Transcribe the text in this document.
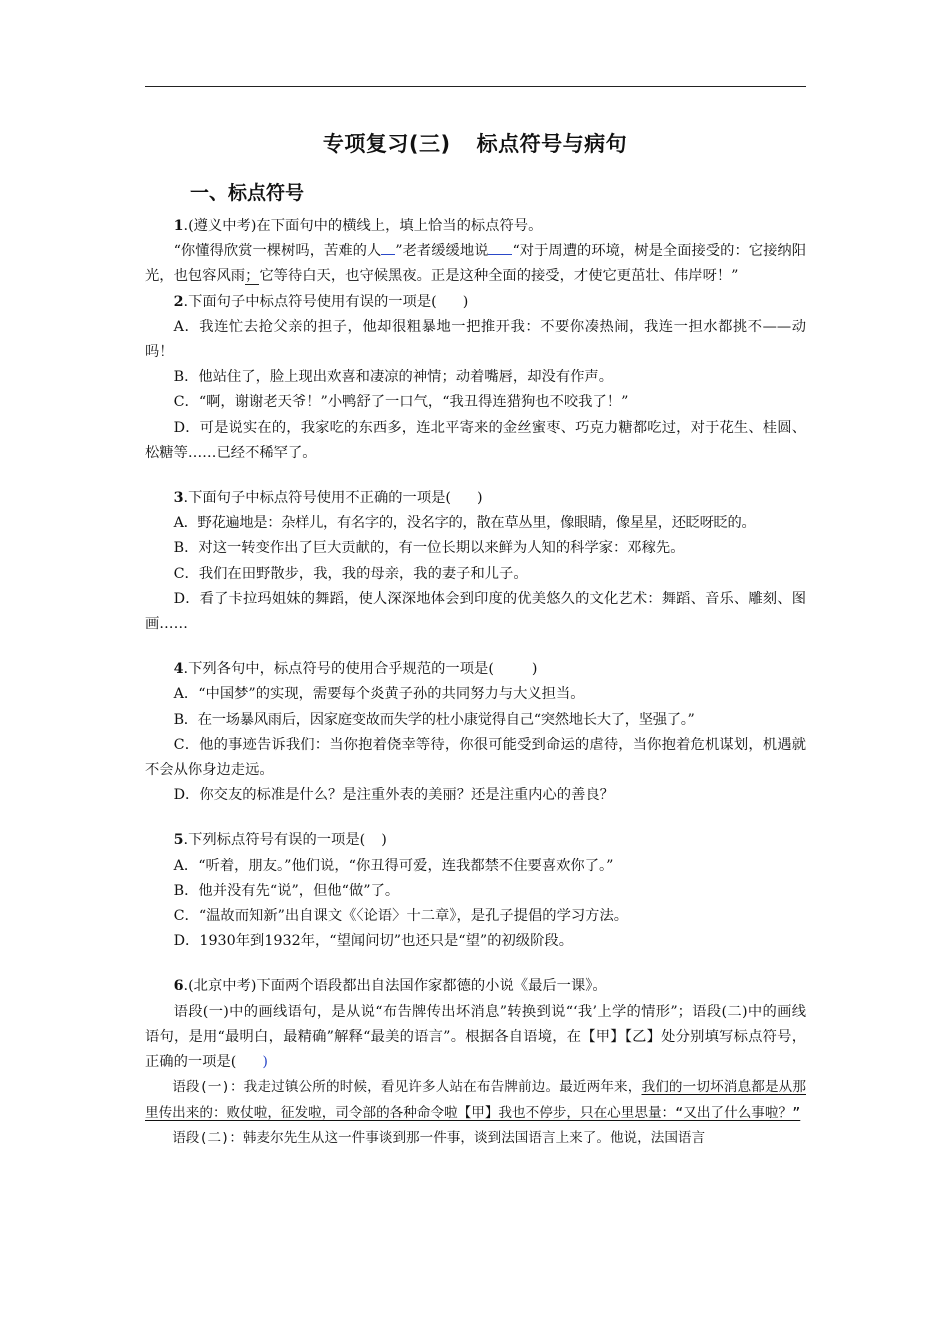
专项复习(三) 标点符号与病句
一、标点符号

1.(遵义中考)在下面句中的横线上，填上恰当的标点符号。

“你懂得欣赏一棵树吗，苦难的人 ”老者缓缓地说 “对于周遭的环境，树是全面接受的：它接纳阳光，也包容风雨；它等待白天，也守候黑夜。正是这种全面的接受，才使它更茁壮、伟岸呀！”

2.下面句子中标点符号使用有误的一项是( )

A．我连忙去抢父亲的担子，他却很粗暴地一把推开我：不要你凑热闹，我连一担水都挑不——动吗！

B．他站住了，脸上现出欢喜和凄凉的神情；动着嘴唇，却没有作声。

C．“啊，谢谢老天爷！”小鸭舒了一口气，“我丑得连猎狗也不咬我了！”

D．可是说实在的，我家吃的东西多，连北平寄来的金丝蜜枣、巧克力糖都吃过，对于花生、桂圆、松糖等……已经不稀罕了。

3.下面句子中标点符号使用不正确的一项是( )

A．野花遍地是：杂样儿，有名字的，没名字的，散在草丛里，像眼睛，像星星，还眨呀眨的。

B．对这一转变作出了巨大贡献的，有一位长期以来鲜为人知的科学家：邓稼先。

C．我们在田野散步，我，我的母亲，我的妻子和儿子。

D．看了卡拉玛姐妹的舞蹈，使人深深地体会到印度的优美悠久的文化艺术：舞蹈、音乐、雕刻、图画……

4.下列各句中，标点符号的使用合乎规范的一项是(	)

A．“中国梦”的实现，需要每个炎黄子孙的共同努力与大义担当。

B．在一场暴风雨后，因家庭变故而失学的杜小康觉得自己“突然地长大了，坚强了。”

C．他的事迹告诉我们：当你抱着侥幸等待，你很可能受到命运的虐待，当你抱着危机谋划，机遇就不会从你身边走远。

D．你交友的标准是什么？是注重外表的美丽？还是注重内心的善良？

5.下列标点符号有误的一项是( )

A．“听着，朋友。”他们说，“你丑得可爱，连我都禁不住要喜欢你了。”

B．他并没有先“说”，但他“做”了。

C．“温故而知新”出自课文《〈论语〉十二章》，是孔子提倡的学习方法。

D．1930年到1932年，“望闻问切”也还只是“望”的初级阶段。

6.(北京中考)下面两个语段都出自法国作家都德的小说《最后一课》。

语段(一)中的画线语句，是从说“布告牌传出坏消息”转换到说“‘我’上学的情形”；语段(二)中的画线语句，是用“最明白，最精确”解释“最美的语言”。根据各自语境，在【甲】【乙】处分别填写标点符号，正确的一项是( )

语段(一)：我走过镇公所的时候，看见许多人站在布告牌前边。最近两年来，我们的一切坏消息都是从那里传出来的：败仗啦，征发啦，司令部的各种命令啦【甲】我也不停步，只在心里思量：“又出了什么事啦？”

语段(二)：韩麦尔先生从这一件事谈到那一件事，谈到法国语言上来了。他说，法国语言
